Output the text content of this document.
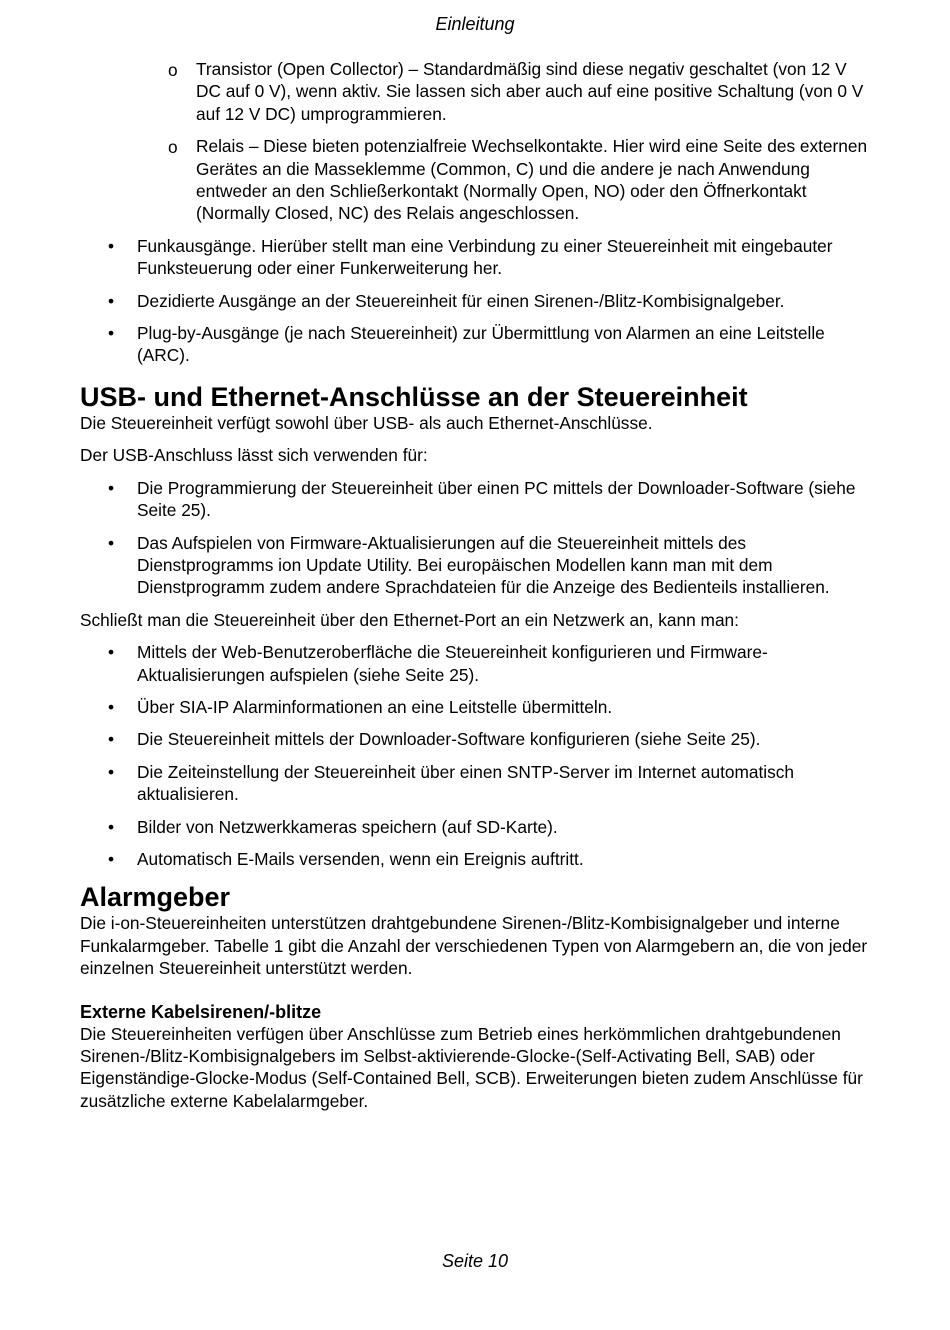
Einleitung
o Transistor (Open Collector) – Standardmäßig sind diese negativ geschaltet (von 12 V DC auf 0 V), wenn aktiv. Sie lassen sich aber auch auf eine positive Schaltung (von 0 V auf 12 V DC) umprogrammieren.
o Relais – Diese bieten potenzialfreie Wechselkontakte. Hier wird eine Seite des externen Gerätes an die Masseklemme (Common, C) und die andere je nach Anwendung entweder an den Schließerkontakt (Normally Open, NO) oder den Öffnerkontakt (Normally Closed, NC) des Relais angeschlossen.
• Funkausgänge. Hierüber stellt man eine Verbindung zu einer Steuereinheit mit eingebauter Funksteuerung oder einer Funkerweiterung her.
• Dezidierte Ausgänge an der Steuereinheit für einen Sirenen-/Blitz-Kombisignalgeber.
• Plug-by-Ausgänge (je nach Steuereinheit) zur Übermittlung von Alarmen an eine Leitstelle (ARC).
USB- und Ethernet-Anschlüsse an der Steuereinheit

Die Steuereinheit verfügt sowohl über USB- als auch Ethernet-Anschlüsse.

Der USB-Anschluss lässt sich verwenden für:

• Die Programmierung der Steuereinheit über einen PC mittels der Downloader-Software (siehe Seite 25).
• Das Aufspielen von Firmware-Aktualisierungen auf die Steuereinheit mittels des Dienstprogramms ion Update Utility. Bei europäischen Modellen kann man mit dem Dienstprogramm zudem andere Sprachdateien für die Anzeige des Bedienteils installieren.

Schließt man die Steuereinheit über den Ethernet-Port an ein Netzwerk an, kann man:

• Mittels der Web-Benutzeroberfläche die Steuereinheit konfigurieren und Firmware-Aktualisierungen aufspielen (siehe Seite 25).
• Über SIA-IP Alarminformationen an eine Leitstelle übermitteln.
• Die Steuereinheit mittels der Downloader-Software konfigurieren (siehe Seite 25).
• Die Zeiteinstellung der Steuereinheit über einen SNTP-Server im Internet automatisch aktualisieren.
• Bilder von Netzwerkkameras speichern (auf SD-Karte).
• Automatisch E-Mails versenden, wenn ein Ereignis auftritt.
Alarmgeber

Die i-on-Steuereinheiten unterstützen drahtgebundene Sirenen-/Blitz-Kombisignalgeber und interne Funkalarmgeber. Tabelle 1 gibt die Anzahl der verschiedenen Typen von Alarmgebern an, die von jeder einzelnen Steuereinheit unterstützt werden.

Externe Kabelsirenen/-blitze

Die Steuereinheiten verfügen über Anschlüsse zum Betrieb eines herkömmlichen drahtgebundenen Sirenen-/Blitz-Kombisignalgebers im Selbst-aktivierende-Glocke-(Self-Activating Bell, SAB) oder Eigenständige-Glocke-Modus (Self-Contained Bell, SCB). Erweiterungen bieten zudem Anschlüsse für zusätzliche externe Kabelalarmgeber.

Seite 10
